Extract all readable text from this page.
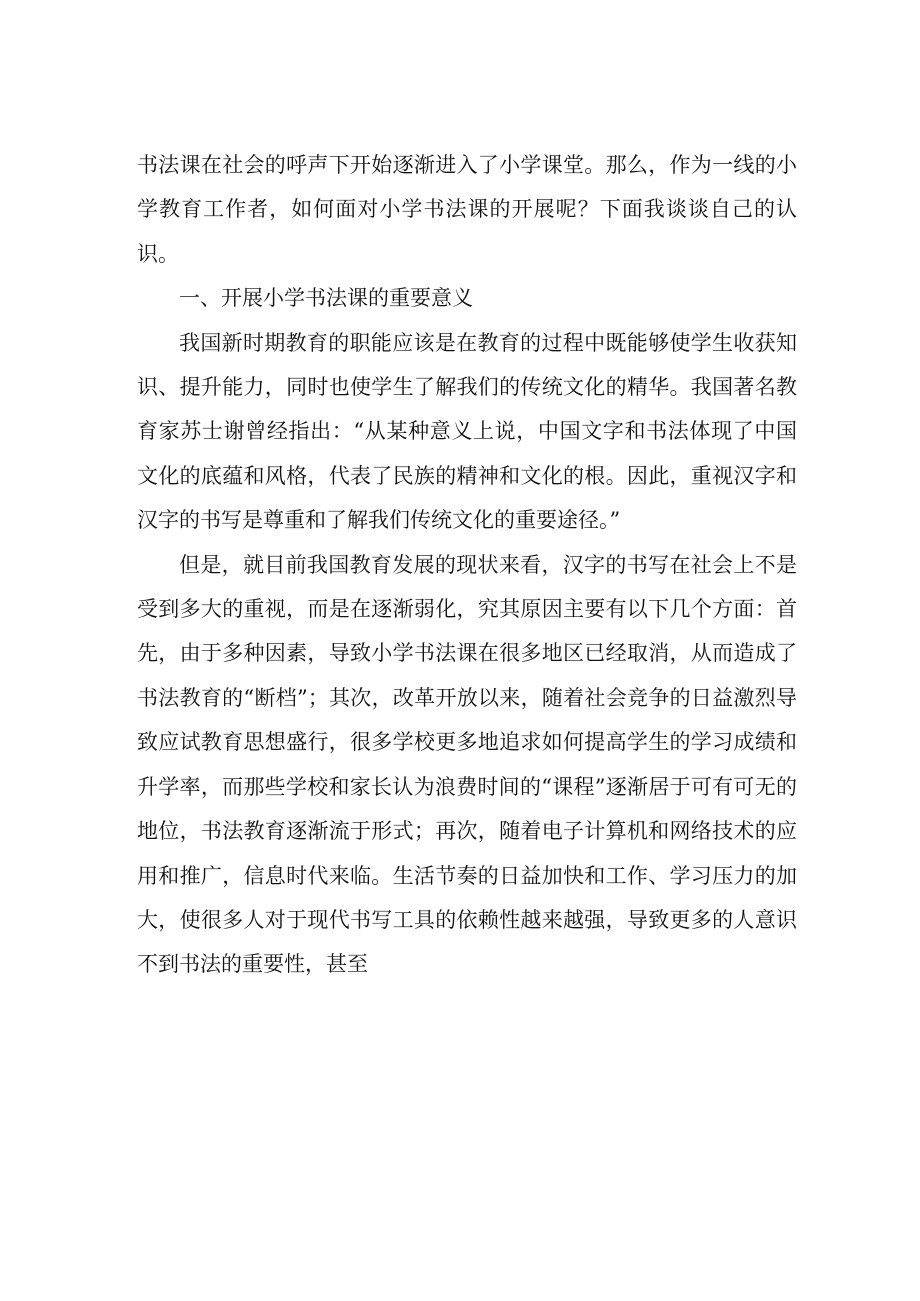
书法课在社会的呼声下开始逐渐进入了小学课堂。那么，作为一线的小学教育工作者，如何面对小学书法课的开展呢？下面我谈谈自己的认识。

一、开展小学书法课的重要意义

我国新时期教育的职能应该是在教育的过程中既能够使学生收获知识、提升能力，同时也使学生了解我们的传统文化的精华。我国著名教育家苏士谢曾经指出：“从某种意义上说，中国文字和书法体现了中国文化的底蕴和风格，代表了民族的精神和文化的根。因此，重视汉字和汉字的书写是尊重和了解我们传统文化的重要途径。”

但是，就目前我国教育发展的现状来看，汉字的书写在社会上不是受到多大的重视，而是在逐渐弱化，究其原因主要有以下几个方面：首先，由于多种因素，导致小学书法课在很多地区已经取消，从而造成了书法教育的“断档”；其次，改革开放以来，随着社会竞争的日益激烈导致应试教育思想盛行，很多学校更多地追求如何提高学生的学习成绩和升学率，而那些学校和家长认为浪费时间的“课程”逐渐居于可有可无的地位，书法教育逐渐流于形式；再次，随着电子计算机和网络技术的应用和推广，信息时代来临。生活节奏的日益加快和工作、学习压力的加大，使很多人对于现代书写工具的依赖性越来越强，导致更多的人意识不到书法的重要性，甚至
